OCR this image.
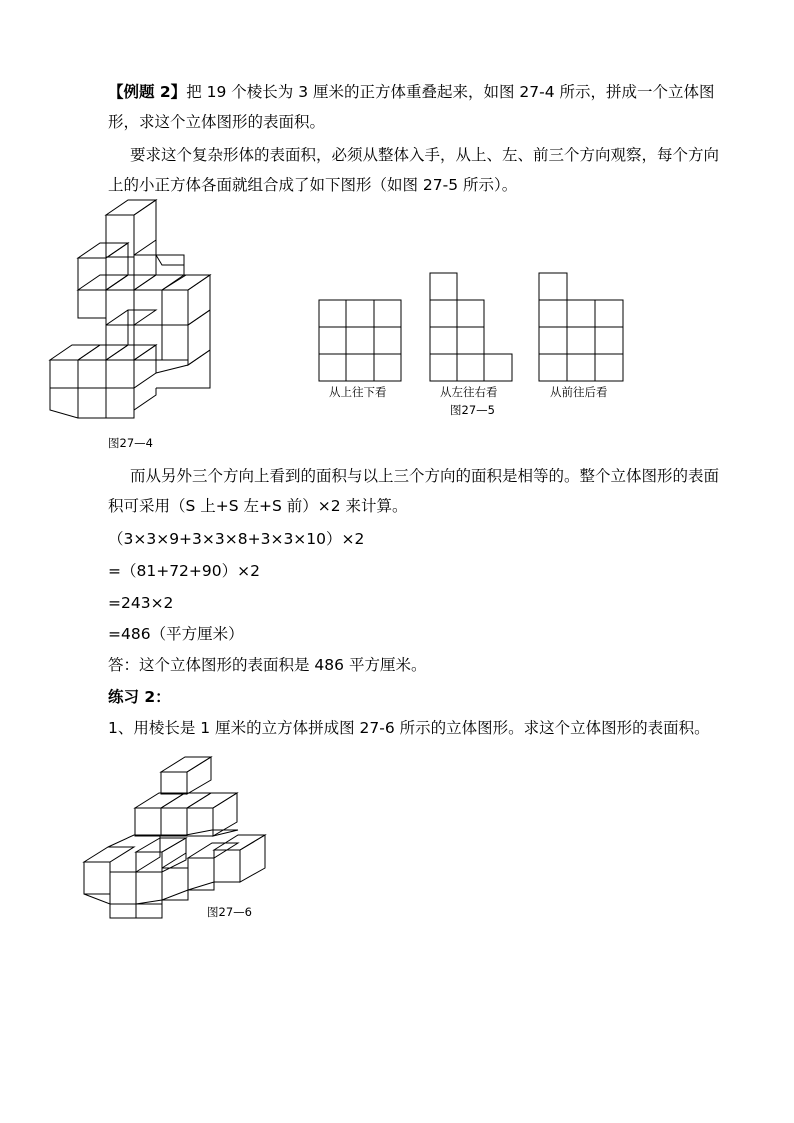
【例题 2】把 19 个棱长为 3 厘米的正方体重叠起来，如图 27-4 所示，拼成一个立体图
形，求这个立体图形的表面积。
要求这个复杂形体的表面积，必须从整体入手，从上、左、前三个方向观察，每个方向
上的小正方体各面就组合成了如下图形（如图 27-5 所示）。
图27—4
从上往下看	从左往右看	从前往后看
图27—5
而从另外三个方向上看到的面积与以上三个方向的面积是相等的。整个立体图形的表面
积可采用（S 上+S 左+S 前）×2 来计算。
（3×3×9+3×3×8+3×3×10）×2
=（81+72+90）×2
=243×2
=486（平方厘米）
答：这个立体图形的表面积是 486 平方厘米。
练习 2：
1、用棱长是 1 厘米的立方体拼成图 27-6 所示的立体图形。求这个立体图形的表面积。
图27—6
